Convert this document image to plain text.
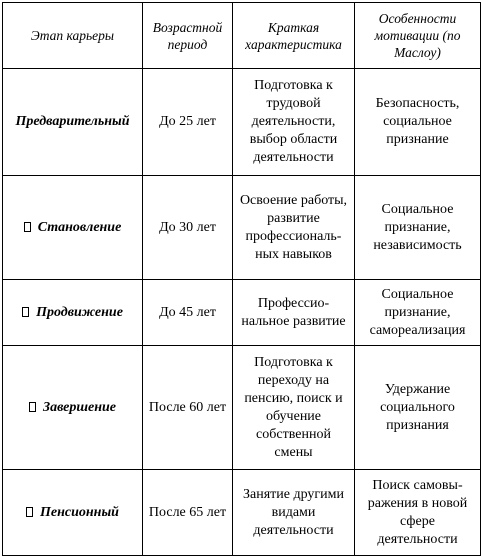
Этап карьеры	Возрастной период	Краткая характеристика	Особенности мотивации (по Маслоу)
Предварительный	До 25 лет	Подготовка к трудовой деятельности, выбор области деятельности	Безопасность, социальное признание
Становление	До 30 лет	Освоение работы, развитие профессиональ-ных навыков	Социальное признание, независимость
Продвижение	До 45 лет	Профессио-нальное развитие	Социальное признание, самореализация
Завершение	После 60 лет	Подготовка к переходу на пенсию, поиск и обучение собственной смены	Удержание социального признания
Пенсионный	После 65 лет	Занятие другими видами деятельности	Поиск самовы-ражения в новой сфере деятельности
